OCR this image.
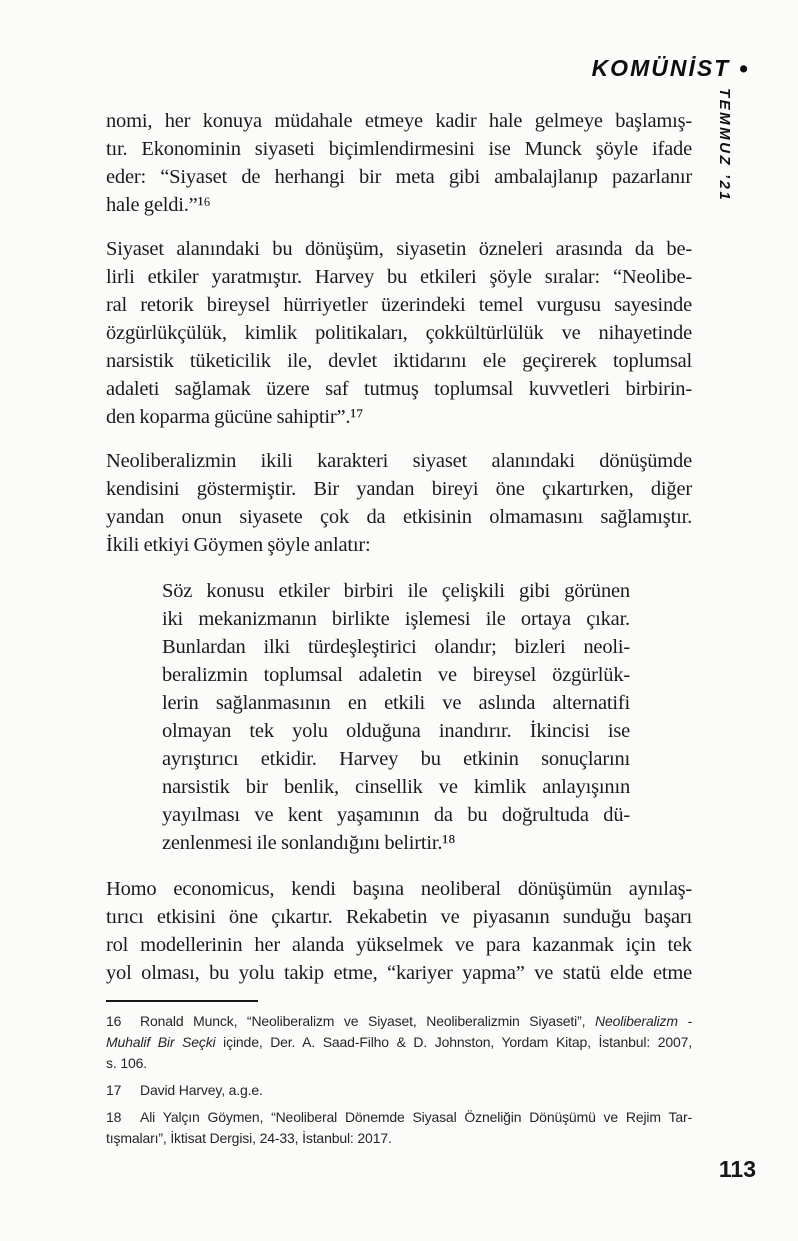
KOMÜNİST •
TEMMUZ ’21
nomi, her konuya müdahale etmeye kadir hale gelmeye başlamış-
tır. Ekonominin siyaseti biçimlendirmesini ise Munck şöyle ifade
eder: “Siyaset de herhangi bir meta gibi ambalajlanıp pazarlanır
hale geldi.”¹⁶
Siyaset alanındaki bu dönüşüm, siyasetin özneleri arasında da be-
lirli etkiler yaratmıştır. Harvey bu etkileri şöyle sıralar: “Neolibe-
ral retorik bireysel hürriyetler üzerindeki temel vurgusu sayesinde
özgürlükçülük, kimlik politikaları, çokkültürlülük ve nihayetinde
narsistik tüketicilik ile, devlet iktidarını ele geçirerek toplumsal
adaleti sağlamak üzere saf tutmuş toplumsal kuvvetleri birbirin-
den koparma gücüne sahiptir”.¹⁷
Neoliberalizmin ikili karakteri siyaset alanındaki dönüşümde
kendisini göstermiştir. Bir yandan bireyi öne çıkartırken, diğer
yandan onun siyasete çok da etkisinin olmamasını sağlamıştır.
İkili etkiyi Göymen şöyle anlatır:
Söz konusu etkiler birbiri ile çelişkili gibi görünen
iki mekanizmanın birlikte işlemesi ile ortaya çıkar.
Bunlardan ilki türdeşleştirici olandır; bizleri neoli-
beralizmin toplumsal adaletin ve bireysel özgürlük-
lerin sağlanmasının en etkili ve aslında alternatifi
olmayan tek yolu olduğuna inandırır. İkincisi ise
ayrıştırıcı etkidir. Harvey bu etkinin sonuçlarını
narsistik bir benlik, cinsellik ve kimlik anlayışının
yayılması ve kent yaşamının da bu doğrultuda dü-
zenlenmesi ile sonlandığını belirtir.¹⁸
Homo economicus, kendi başına neoliberal dönüşümün aynılaş-
tırıcı etkisini öne çıkartır. Rekabetin ve piyasanın sunduğu başarı
rol modellerinin her alanda yükselmek ve para kazanmak için tek
yol olması, bu yolu takip etme, “kariyer yapma” ve statü elde etme
16 Ronald Munck, “Neoliberalizm ve Siyaset, Neoliberalizmin Siyaseti”, Neoliberalizm -
Muhalif Bir Seçki içinde, Der. A. Saad-Filho & D. Johnston, Yordam Kitap, İstanbul: 2007,
s. 106.
17 David Harvey, a.g.e.
18 Ali Yalçın Göymen, “Neoliberal Dönemde Siyasal Özneliğin Dönüşümü ve Rejim Tar-
tışmaları”, İktisat Dergisi, 24-33, İstanbul: 2017.
113
